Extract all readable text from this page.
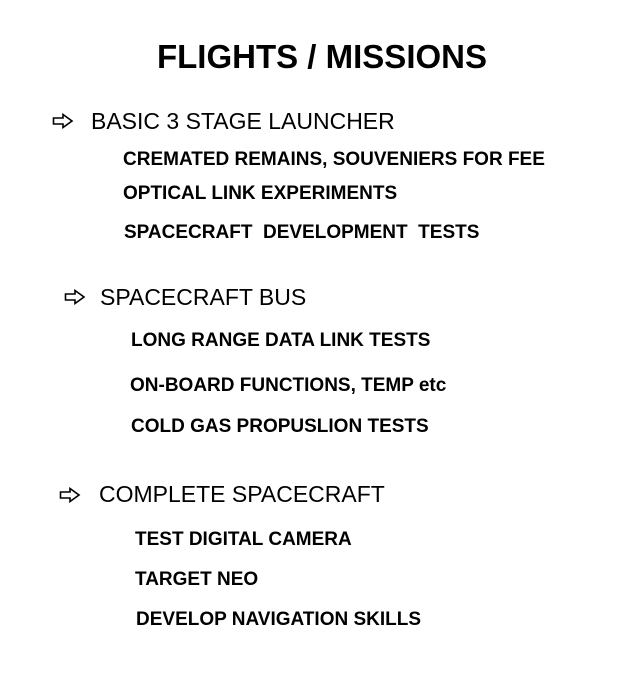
FLIGHTS / MISSIONS
BASIC 3 STAGE LAUNCHER
CREMATED REMAINS, SOUVENIERS FOR FEE
OPTICAL LINK EXPERIMENTS
SPACECRAFT  DEVELOPMENT  TESTS
SPACECRAFT BUS
LONG RANGE DATA LINK TESTS
ON-BOARD FUNCTIONS, TEMP etc
COLD GAS PROPUSLION TESTS
COMPLETE SPACECRAFT
TEST DIGITAL CAMERA
TARGET NEO
DEVELOP NAVIGATION SKILLS
